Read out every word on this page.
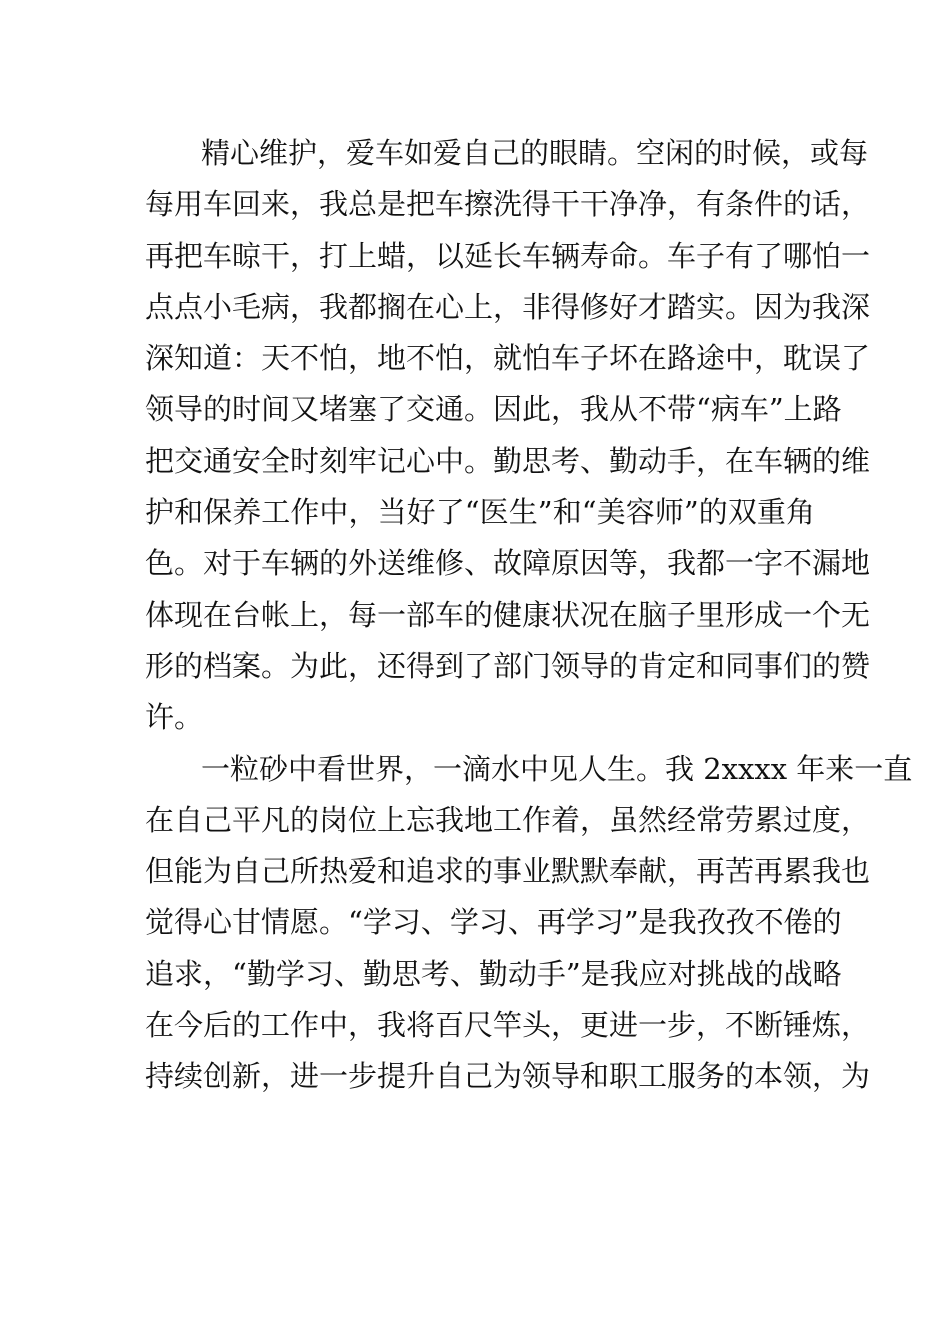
精心维护，爱车如爱自己的眼睛。空闲的时候，或每
每用车回来，我总是把车擦洗得干干净净，有条件的话，
再把车晾干，打上蜡，以延长车辆寿命。车子有了哪怕一
点点小毛病，我都搁在心上，非得修好才踏实。因为我深
深知道：天不怕，地不怕，就怕车子坏在路途中，耽误了
领导的时间又堵塞了交通。因此，我从不带“病车”上路
把交通安全时刻牢记心中。勤思考、勤动手，在车辆的维
护和保养工作中，当好了“医生”和“美容师”的双重角
色。对于车辆的外送维修、故障原因等，我都一字不漏地
体现在台帐上，每一部车的健康状况在脑子里形成一个无
形的档案。为此，还得到了部门领导的肯定和同事们的赞
许。
一粒砂中看世界，一滴水中见人生。我 2xxxx 年来一直
在自己平凡的岗位上忘我地工作着，虽然经常劳累过度，
但能为自己所热爱和追求的事业默默奉献，再苦再累我也
觉得心甘情愿。“学习、学习、再学习”是我孜孜不倦的
追求，“勤学习、勤思考、勤动手”是我应对挑战的战略
在今后的工作中，我将百尺竿头，更进一步，不断锤炼，
持续创新，进一步提升自己为领导和职工服务的本领，为
